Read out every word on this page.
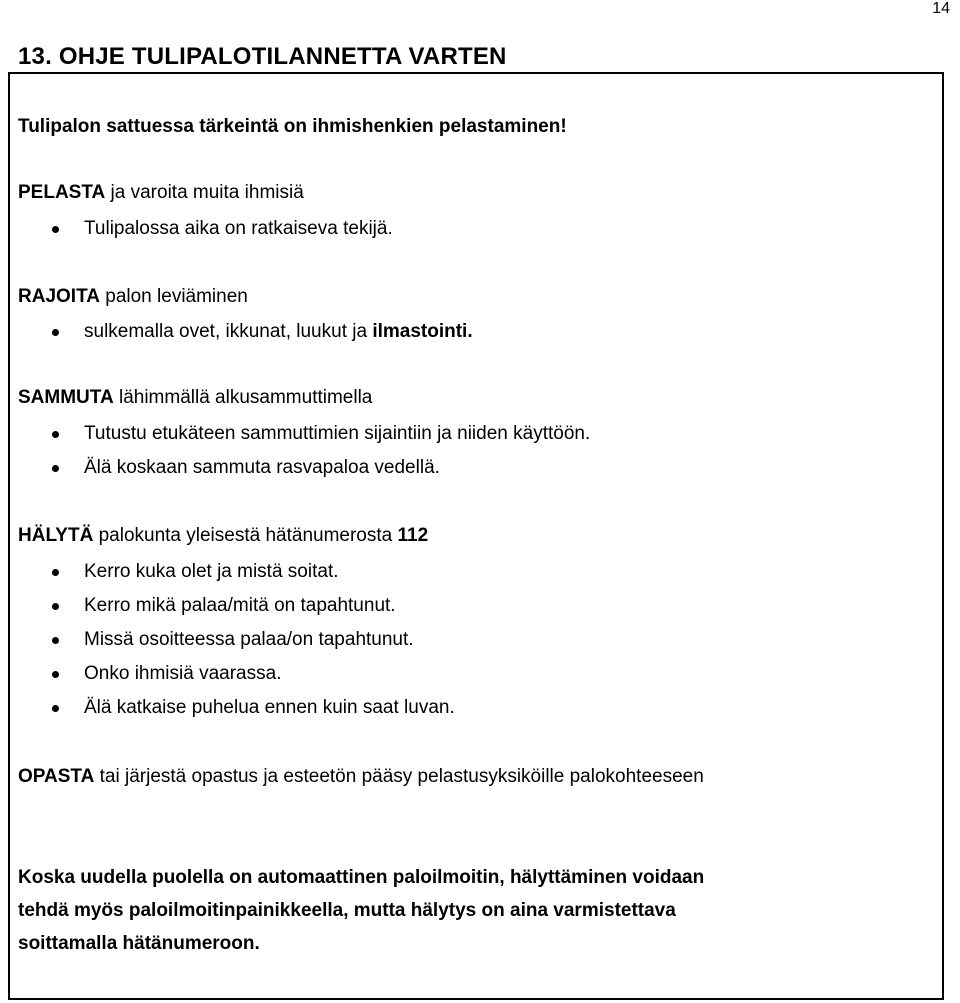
14
13. OHJE TULIPALOTILANNETTA VARTEN
Tulipalon sattuessa tärkeintä on ihmishenkien pelastaminen!
PELASTA ja varoita muita ihmisiä
Tulipalossa aika on ratkaiseva tekijä.
RAJOITA palon leviäminen
sulkemalla ovet, ikkunat, luukut ja ilmastointi.
SAMMUTA lähimmällä alkusammuttimella
Tutustu etukäteen sammuttimien sijaintiin ja niiden käyttöön.
Älä koskaan sammuta rasvapaloa vedellä.
HÄLYTÄ palokunta yleisestä hätänumerosta 112
Kerro kuka olet ja mistä soitat.
Kerro mikä palaa/mitä on tapahtunut.
Missä osoitteessa palaa/on tapahtunut.
Onko ihmisiä vaarassa.
Älä katkaise puhelua ennen kuin saat luvan.
OPASTA tai järjestä opastus ja esteetön pääsy pelastusyksiköille palokohteeseen
Koska uudella puolella on automaattinen paloilmoitin, hälyttäminen voidaan
tehdä myös paloilmoitinpainikkeella, mutta hälytys on aina varmistettava
soittamalla hätänumeroon.
